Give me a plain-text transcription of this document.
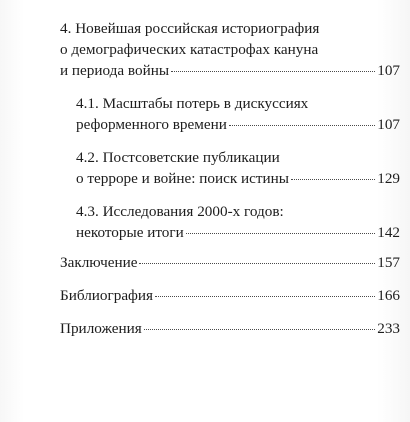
4. Новейшая российская историография
о демографических катастрофах кануна
и периода войны	107
4.1. Масштабы потерь в дискуссиях
реформенного времени	107
4.2. Постсоветские публикации
о терроре и войне: поиск истины	129
4.3. Исследования 2000-х годов:
некоторые итоги	142
Заключение	157
Библиография	166
Приложения	233
